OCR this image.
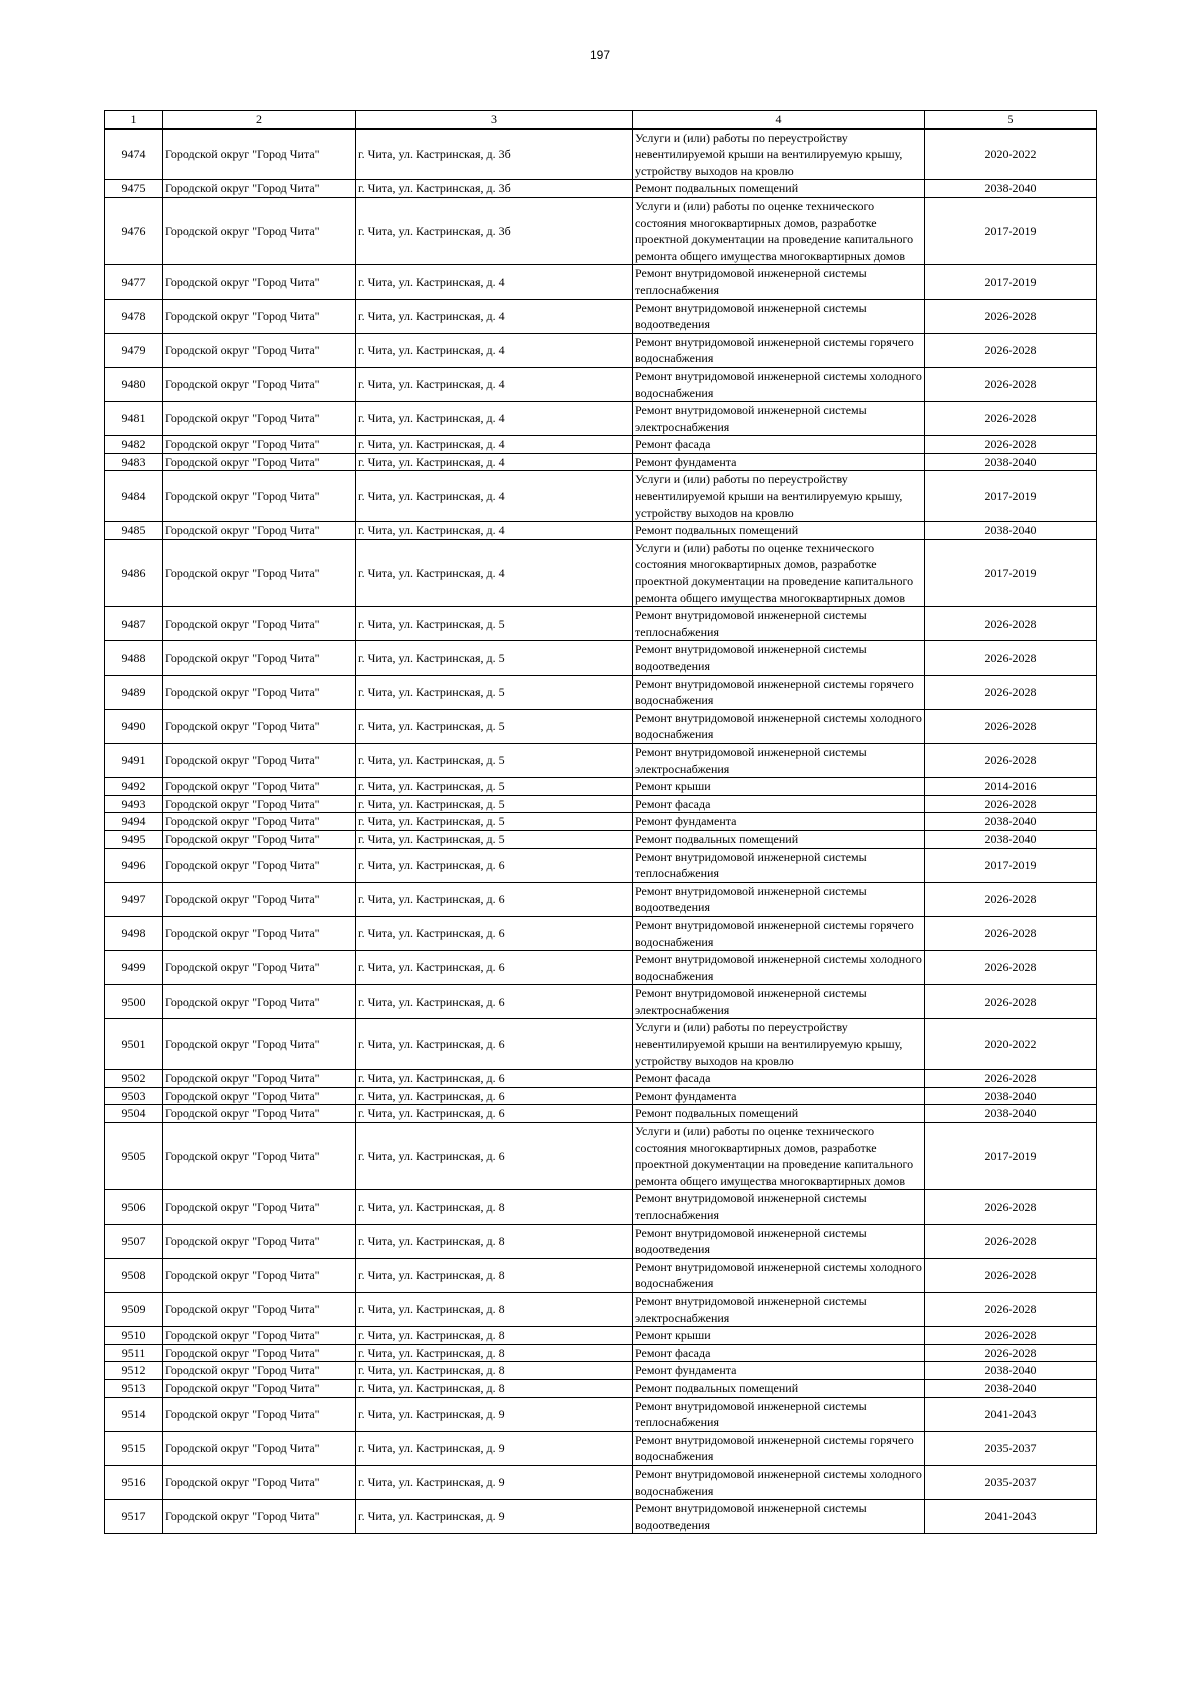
197
1	2	3	4	5
9474	Городской округ "Город Чита"	г. Чита, ул. Кастринская, д. 3б	Услуги и (или) работы по переустройству невентилируемой крыши на вентилируемую крышу, устройству выходов на кровлю	2020-2022
9475	Городской округ "Город Чита"	г. Чита, ул. Кастринская, д. 3б	Ремонт подвальных помещений	2038-2040
9476	Городской округ "Город Чита"	г. Чита, ул. Кастринская, д. 3б	Услуги и (или) работы по оценке технического состояния многоквартирных домов, разработке проектной документации на проведение капитального ремонта общего имущества многоквартирных домов	2017-2019
9477	Городской округ "Город Чита"	г. Чита, ул. Кастринская, д. 4	Ремонт внутридомовой инженерной системы теплоснабжения	2017-2019
9478	Городской округ "Город Чита"	г. Чита, ул. Кастринская, д. 4	Ремонт внутридомовой инженерной системы водоотведения	2026-2028
9479	Городской округ "Город Чита"	г. Чита, ул. Кастринская, д. 4	Ремонт внутридомовой инженерной системы горячего водоснабжения	2026-2028
9480	Городской округ "Город Чита"	г. Чита, ул. Кастринская, д. 4	Ремонт внутридомовой инженерной системы холодного водоснабжения	2026-2028
9481	Городской округ "Город Чита"	г. Чита, ул. Кастринская, д. 4	Ремонт внутридомовой инженерной системы электроснабжения	2026-2028
9482	Городской округ "Город Чита"	г. Чита, ул. Кастринская, д. 4	Ремонт фасада	2026-2028
9483	Городской округ "Город Чита"	г. Чита, ул. Кастринская, д. 4	Ремонт фундамента	2038-2040
9484	Городской округ "Город Чита"	г. Чита, ул. Кастринская, д. 4	Услуги и (или) работы по переустройству невентилируемой крыши на вентилируемую крышу, устройству выходов на кровлю	2017-2019
9485	Городской округ "Город Чита"	г. Чита, ул. Кастринская, д. 4	Ремонт подвальных помещений	2038-2040
9486	Городской округ "Город Чита"	г. Чита, ул. Кастринская, д. 4	Услуги и (или) работы по оценке технического состояния многоквартирных домов, разработке проектной документации на проведение капитального ремонта общего имущества многоквартирных домов	2017-2019
9487	Городской округ "Город Чита"	г. Чита, ул. Кастринская, д. 5	Ремонт внутридомовой инженерной системы теплоснабжения	2026-2028
9488	Городской округ "Город Чита"	г. Чита, ул. Кастринская, д. 5	Ремонт внутридомовой инженерной системы водоотведения	2026-2028
9489	Городской округ "Город Чита"	г. Чита, ул. Кастринская, д. 5	Ремонт внутридомовой инженерной системы горячего водоснабжения	2026-2028
9490	Городской округ "Город Чита"	г. Чита, ул. Кастринская, д. 5	Ремонт внутридомовой инженерной системы холодного водоснабжения	2026-2028
9491	Городской округ "Город Чита"	г. Чита, ул. Кастринская, д. 5	Ремонт внутридомовой инженерной системы электроснабжения	2026-2028
9492	Городской округ "Город Чита"	г. Чита, ул. Кастринская, д. 5	Ремонт крыши	2014-2016
9493	Городской округ "Город Чита"	г. Чита, ул. Кастринская, д. 5	Ремонт фасада	2026-2028
9494	Городской округ "Город Чита"	г. Чита, ул. Кастринская, д. 5	Ремонт фундамента	2038-2040
9495	Городской округ "Город Чита"	г. Чита, ул. Кастринская, д. 5	Ремонт подвальных помещений	2038-2040
9496	Городской округ "Город Чита"	г. Чита, ул. Кастринская, д. 6	Ремонт внутридомовой инженерной системы теплоснабжения	2017-2019
9497	Городской округ "Город Чита"	г. Чита, ул. Кастринская, д. 6	Ремонт внутридомовой инженерной системы водоотведения	2026-2028
9498	Городской округ "Город Чита"	г. Чита, ул. Кастринская, д. 6	Ремонт внутридомовой инженерной системы горячего водоснабжения	2026-2028
9499	Городской округ "Город Чита"	г. Чита, ул. Кастринская, д. 6	Ремонт внутридомовой инженерной системы холодного водоснабжения	2026-2028
9500	Городской округ "Город Чита"	г. Чита, ул. Кастринская, д. 6	Ремонт внутридомовой инженерной системы электроснабжения	2026-2028
9501	Городской округ "Город Чита"	г. Чита, ул. Кастринская, д. 6	Услуги и (или) работы по переустройству невентилируемой крыши на вентилируемую крышу, устройству выходов на кровлю	2020-2022
9502	Городской округ "Город Чита"	г. Чита, ул. Кастринская, д. 6	Ремонт фасада	2026-2028
9503	Городской округ "Город Чита"	г. Чита, ул. Кастринская, д. 6	Ремонт фундамента	2038-2040
9504	Городской округ "Город Чита"	г. Чита, ул. Кастринская, д. 6	Ремонт подвальных помещений	2038-2040
9505	Городской округ "Город Чита"	г. Чита, ул. Кастринская, д. 6	Услуги и (или) работы по оценке технического состояния многоквартирных домов, разработке проектной документации на проведение капитального ремонта общего имущества многоквартирных домов	2017-2019
9506	Городской округ "Город Чита"	г. Чита, ул. Кастринская, д. 8	Ремонт внутридомовой инженерной системы теплоснабжения	2026-2028
9507	Городской округ "Город Чита"	г. Чита, ул. Кастринская, д. 8	Ремонт внутридомовой инженерной системы водоотведения	2026-2028
9508	Городской округ "Город Чита"	г. Чита, ул. Кастринская, д. 8	Ремонт внутридомовой инженерной системы холодного водоснабжения	2026-2028
9509	Городской округ "Город Чита"	г. Чита, ул. Кастринская, д. 8	Ремонт внутридомовой инженерной системы электроснабжения	2026-2028
9510	Городской округ "Город Чита"	г. Чита, ул. Кастринская, д. 8	Ремонт крыши	2026-2028
9511	Городской округ "Город Чита"	г. Чита, ул. Кастринская, д. 8	Ремонт фасада	2026-2028
9512	Городской округ "Город Чита"	г. Чита, ул. Кастринская, д. 8	Ремонт фундамента	2038-2040
9513	Городской округ "Город Чита"	г. Чита, ул. Кастринская, д. 8	Ремонт подвальных помещений	2038-2040
9514	Городской округ "Город Чита"	г. Чита, ул. Кастринская, д. 9	Ремонт внутридомовой инженерной системы теплоснабжения	2041-2043
9515	Городской округ "Город Чита"	г. Чита, ул. Кастринская, д. 9	Ремонт внутридомовой инженерной системы горячего водоснабжения	2035-2037
9516	Городской округ "Город Чита"	г. Чита, ул. Кастринская, д. 9	Ремонт внутридомовой инженерной системы холодного водоснабжения	2035-2037
9517	Городской округ "Город Чита"	г. Чита, ул. Кастринская, д. 9	Ремонт внутридомовой инженерной системы водоотведения	2041-2043
